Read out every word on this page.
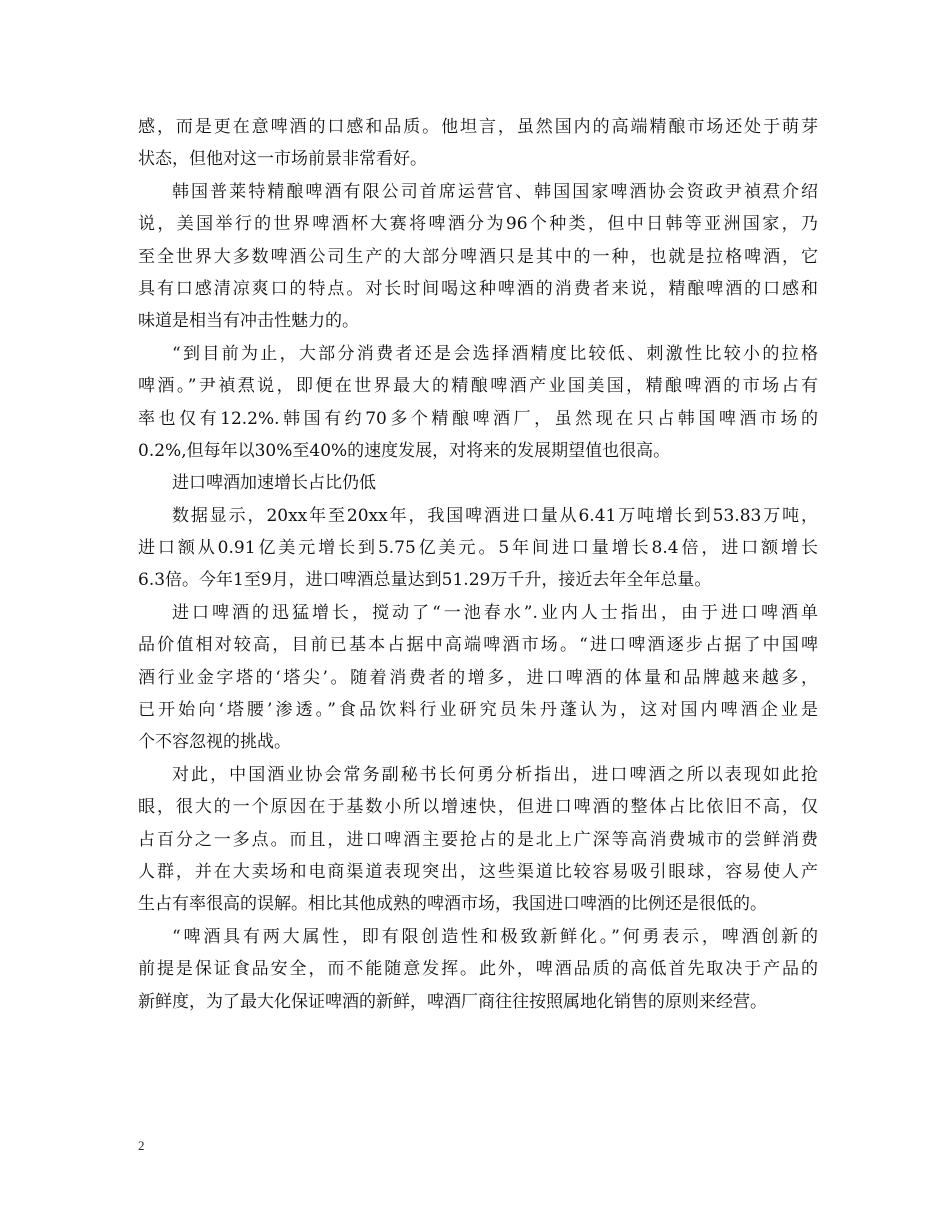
感，而是更在意啤酒的口感和品质。他坦言，虽然国内的高端精酿市场还处于萌芽
状态，但他对这一市场前景非常看好。
韩国普莱特精酿啤酒有限公司首席运营官、韩国国家啤酒协会资政尹禎焄介绍
说，美国举行的世界啤酒杯大赛将啤酒分为96个种类，但中日韩等亚洲国家，乃
至全世界大多数啤酒公司生产的大部分啤酒只是其中的一种，也就是拉格啤酒，它
具有口感清凉爽口的特点。对长时间喝这种啤酒的消费者来说，精酿啤酒的口感和
味道是相当有冲击性魅力的。
“到目前为止，大部分消费者还是会选择酒精度比较低、刺激性比较小的拉格
啤酒。”尹禎焄说，即便在世界最大的精酿啤酒产业国美国，精酿啤酒的市场占有
率也仅有12.2%.韩国有约70多个精酿啤酒厂，虽然现在只占韩国啤酒市场的
0.2%,但每年以30%至40%的速度发展，对将来的发展期望值也很高。
进口啤酒加速增长占比仍低
数据显示，20xx年至20xx年，我国啤酒进口量从6.41万吨增长到53.83万吨，
进口额从0.91亿美元增长到5.75亿美元。5年间进口量增长8.4倍，进口额增长
6.3倍。今年1至9月，进口啤酒总量达到51.29万千升，接近去年全年总量。
进口啤酒的迅猛增长，搅动了“一池春水”.业内人士指出，由于进口啤酒单
品价值相对较高，目前已基本占据中高端啤酒市场。“进口啤酒逐步占据了中国啤
酒行业金字塔的‘塔尖’。随着消费者的增多，进口啤酒的体量和品牌越来越多，
已开始向‘塔腰’渗透。”食品饮料行业研究员朱丹蓬认为，这对国内啤酒企业是
个不容忽视的挑战。
对此，中国酒业协会常务副秘书长何勇分析指出，进口啤酒之所以表现如此抢
眼，很大的一个原因在于基数小所以增速快，但进口啤酒的整体占比依旧不高，仅
占百分之一多点。而且，进口啤酒主要抢占的是北上广深等高消费城市的尝鲜消费
人群，并在大卖场和电商渠道表现突出，这些渠道比较容易吸引眼球，容易使人产
生占有率很高的误解。相比其他成熟的啤酒市场，我国进口啤酒的比例还是很低的。
“啤酒具有两大属性，即有限创造性和极致新鲜化。”何勇表示，啤酒创新的
前提是保证食品安全，而不能随意发挥。此外，啤酒品质的高低首先取决于产品的
新鲜度，为了最大化保证啤酒的新鲜，啤酒厂商往往按照属地化销售的原则来经营。
2
